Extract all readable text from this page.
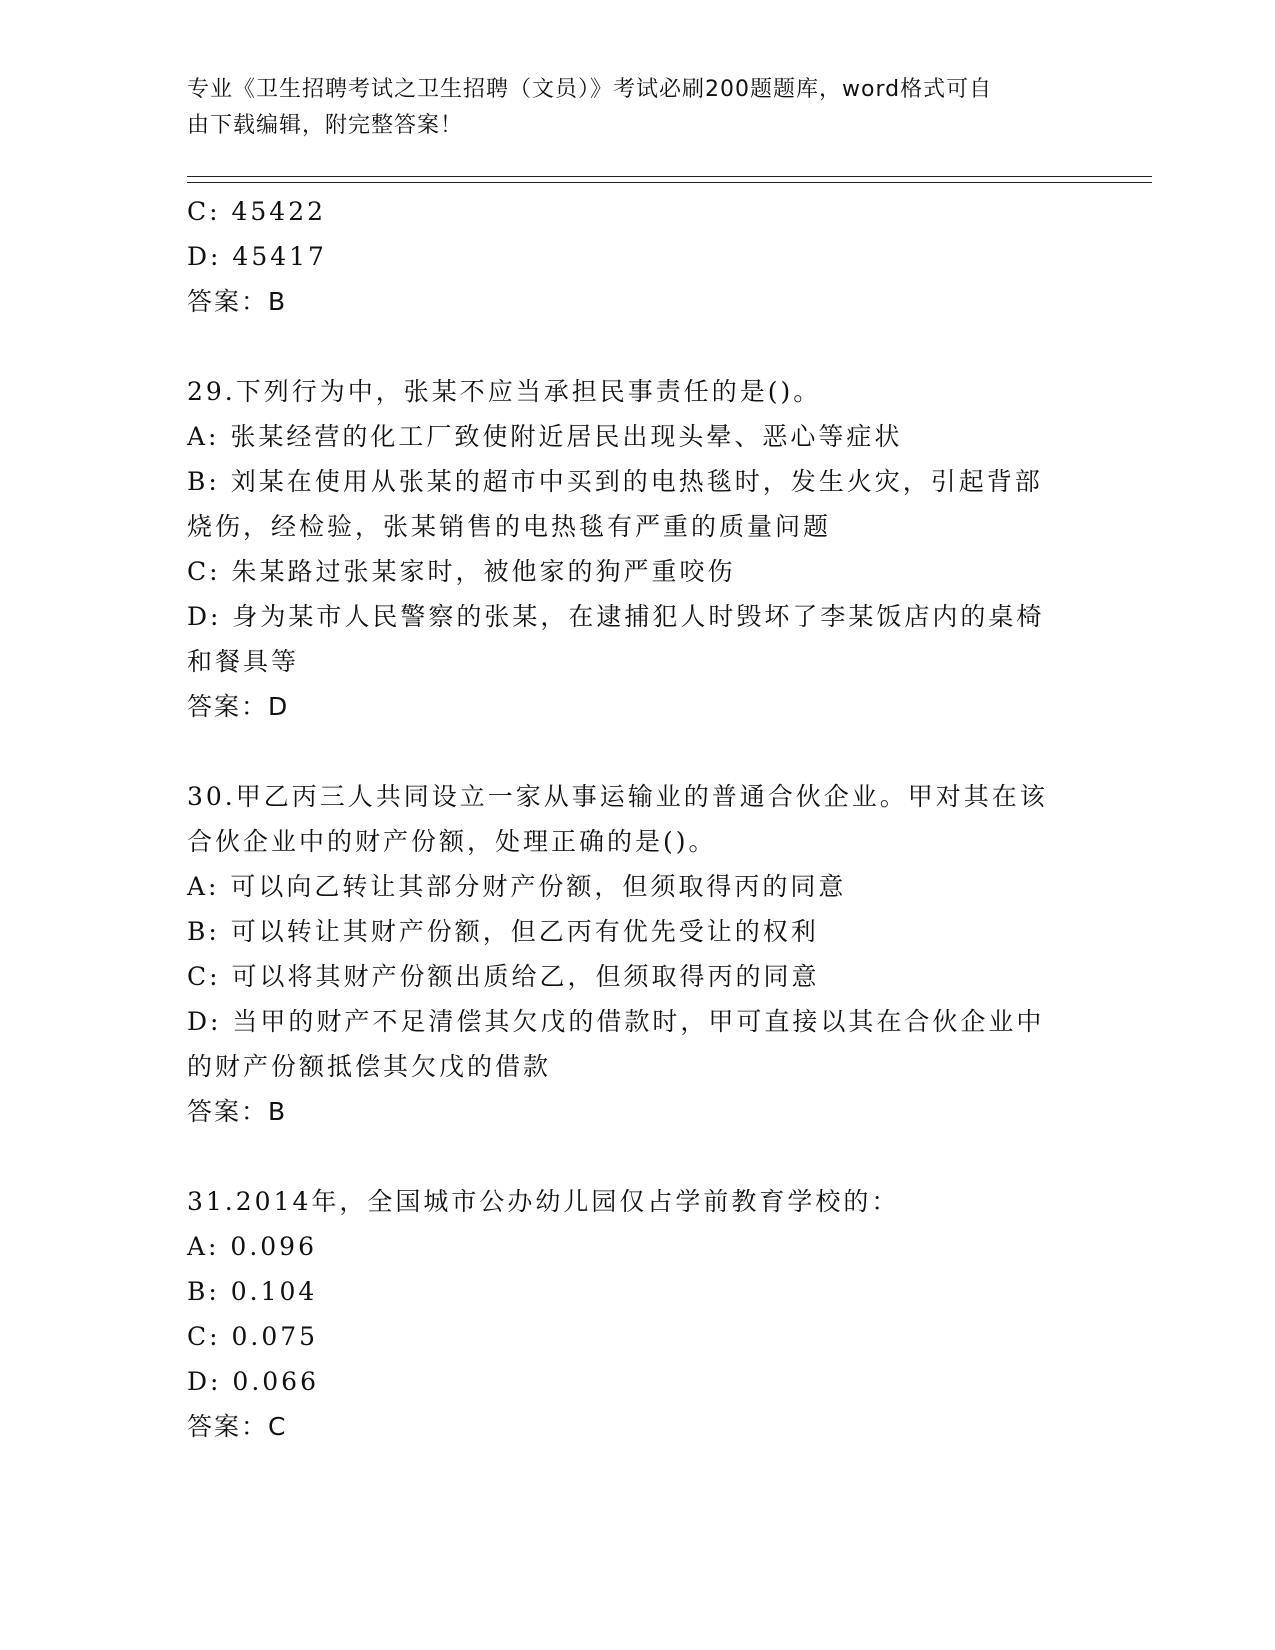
专业《卫生招聘考试之卫生招聘（文员）》考试必刷200题题库，word格式可自
由下载编辑，附完整答案！
C: 45422
D: 45417
答案：B
29.下列行为中，张某不应当承担民事责任的是()。
A: 张某经营的化工厂致使附近居民出现头晕、恶心等症状
B: 刘某在使用从张某的超市中买到的电热毯时，发生火灾，引起背部
烧伤，经检验，张某销售的电热毯有严重的质量问题
C: 朱某路过张某家时，被他家的狗严重咬伤
D: 身为某市人民警察的张某，在逮捕犯人时毁坏了李某饭店内的桌椅
和餐具等
答案：D
30.甲乙丙三人共同设立一家从事运输业的普通合伙企业。甲对其在该
合伙企业中的财产份额，处理正确的是()。
A: 可以向乙转让其部分财产份额，但须取得丙的同意
B: 可以转让其财产份额，但乙丙有优先受让的权利
C: 可以将其财产份额出质给乙，但须取得丙的同意
D: 当甲的财产不足清偿其欠戊的借款时，甲可直接以其在合伙企业中
的财产份额抵偿其欠戊的借款
答案：B
31.2014年，全国城市公办幼儿园仅占学前教育学校的：
A: 0.096
B: 0.104
C: 0.075
D: 0.066
答案：C
